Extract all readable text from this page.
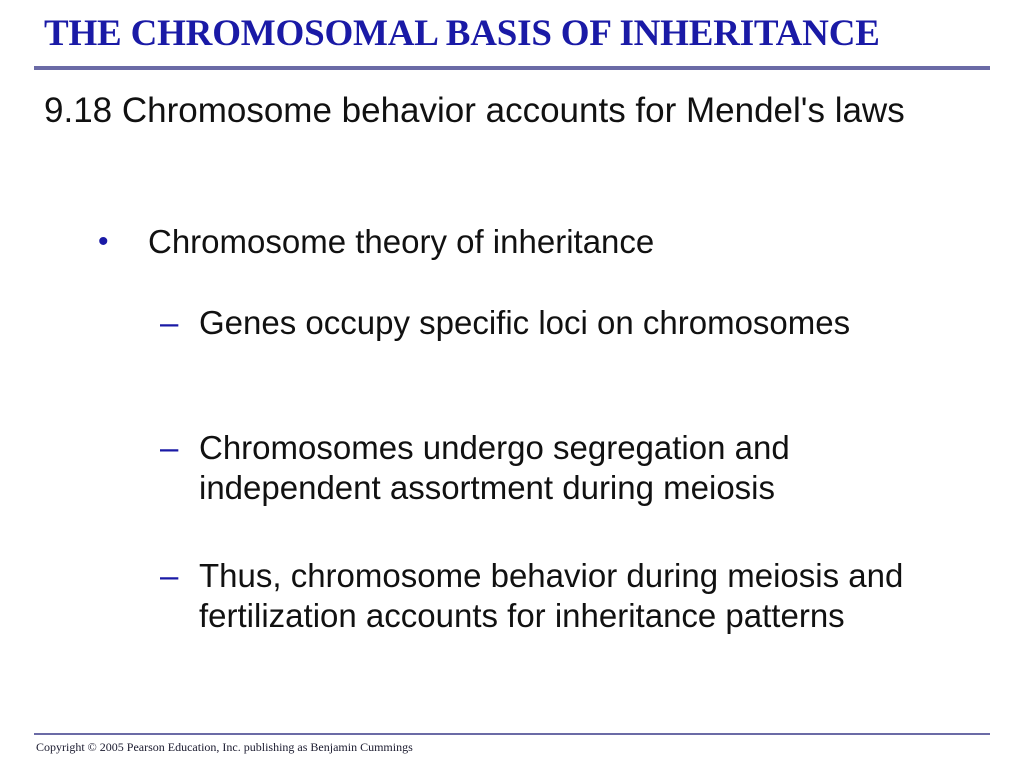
THE CHROMOSOMAL BASIS OF INHERITANCE
9.18 Chromosome behavior accounts for Mendel's laws
• Chromosome theory of inheritance
– Genes occupy specific loci on chromosomes
– Chromosomes undergo segregation and independent assortment during meiosis
– Thus, chromosome behavior during meiosis and fertilization accounts for inheritance patterns

Copyright © 2005 Pearson Education, Inc. publishing as Benjamin Cummings
